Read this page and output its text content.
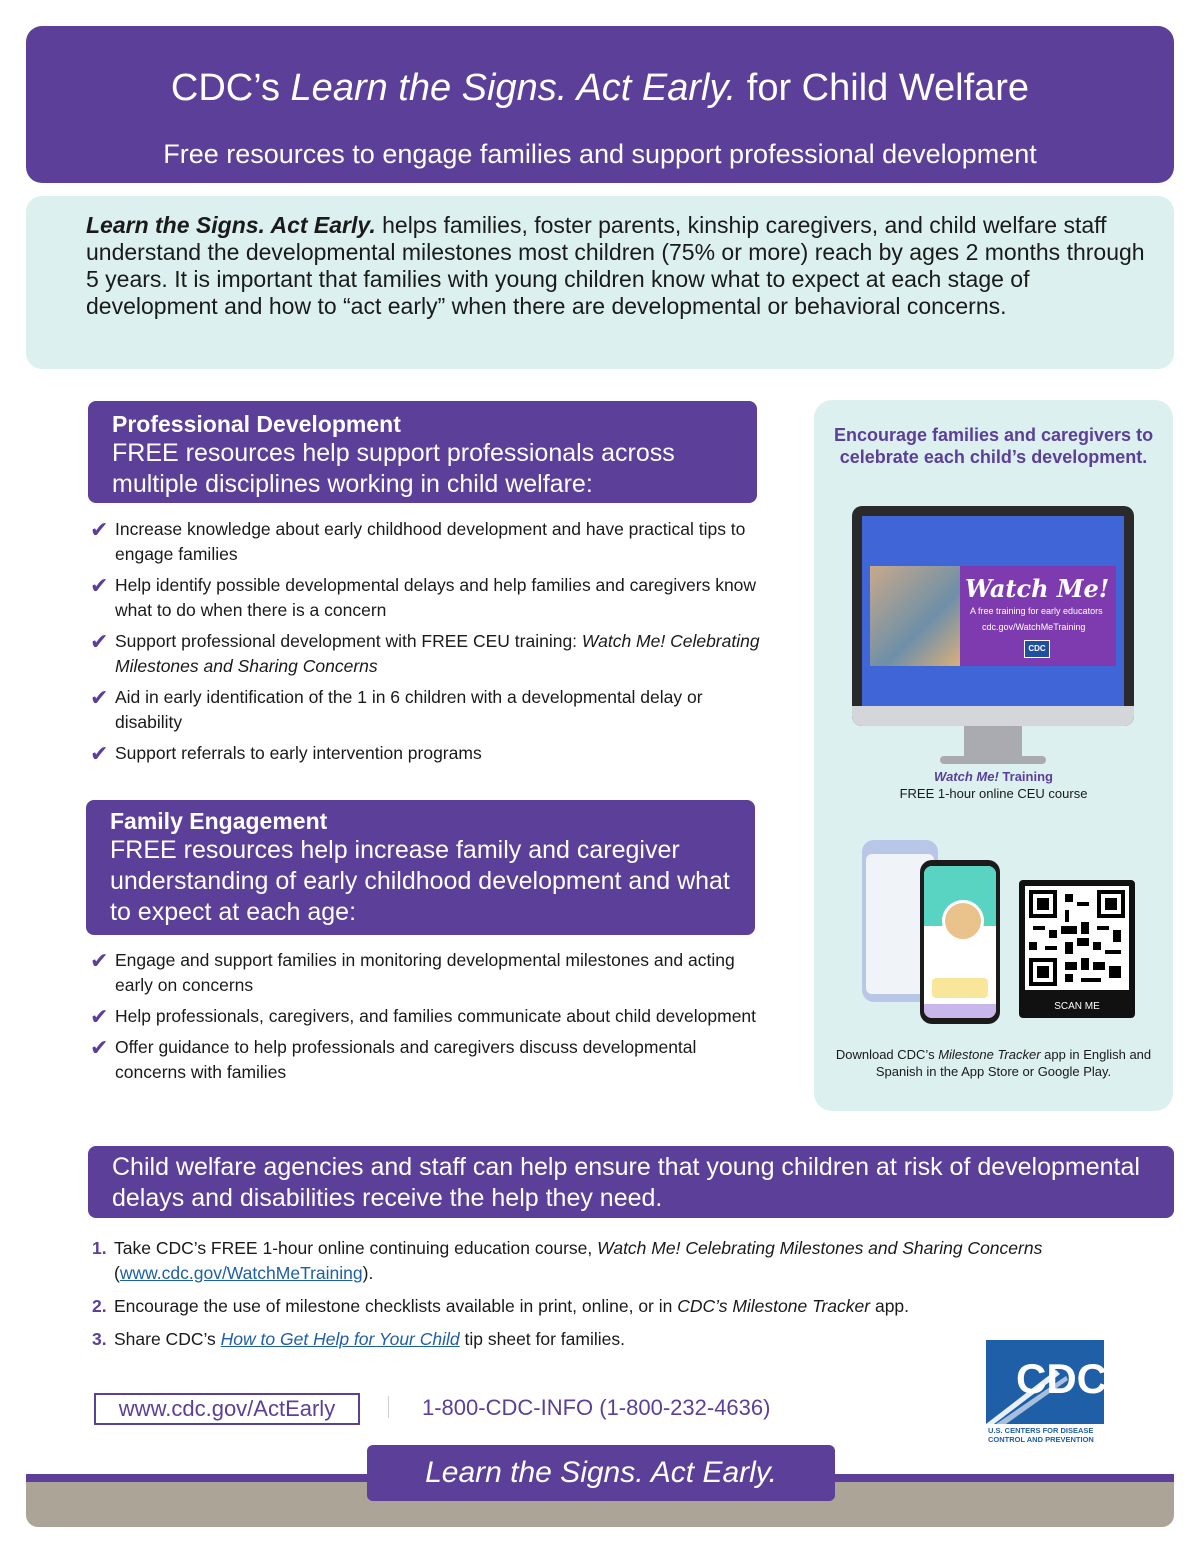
CDC’s Learn the Signs. Act Early. for Child Welfare
Free resources to engage families and support professional development

Learn the Signs. Act Early. helps families, foster parents, kinship caregivers, and child welfare staff understand the developmental milestones most children (75% or more) reach by ages 2 months through 5 years. It is important that families with young children know what to expect at each stage of development and how to “act early” when there are developmental or behavioral concerns.

Professional Development

FREE resources help support professionals across multiple disciplines working in child welfare:

✔ Increase knowledge about early childhood development and have practical tips to engage families
✔ Help identify possible developmental delays and help families and caregivers know what to do when there is a concern
✔ Support professional development with FREE CEU training: Watch Me! Celebrating Milestones and Sharing Concerns
✔ Aid in early identification of the 1 in 6 children with a developmental delay or disability
✔ Support referrals to early intervention programs
Family Engagement

FREE resources help increase family and caregiver understanding of early childhood development and what to expect at each age:

✔ Engage and support families in monitoring developmental milestones and acting early on concerns
✔ Help professionals, caregivers, and families communicate about child development
✔ Offer guidance to help professionals and caregivers discuss developmental concerns with families
Encourage families and caregivers to celebrate each child’s development.
Watch Me!
A free training for early educators
cdc.gov/WatchMeTraining
CDC
Watch Me! Training
FREE 1-hour online CEU course
SCAN ME
Download CDC’s Milestone Tracker app in English and Spanish in the App Store or Google Play.
Child welfare agencies and staff can help ensure that young children at risk of developmental delays and disabilities receive the help they need.
1. Take CDC’s FREE 1-hour online continuing education course, Watch Me! Celebrating Milestones and Sharing Concerns (www.cdc.gov/WatchMeTraining).
2. Encourage the use of milestone checklists available in print, online, or in CDC’s Milestone Tracker app.
3. Share CDC’s How to Get Help for Your Child tip sheet for families.
www.cdc.gov/ActEarly	1-800-CDC-INFO (1-800-232-4636)
CDC
U.S. CENTERS FOR DISEASE
CONTROL AND PREVENTION
Learn the Signs. Act Early.
